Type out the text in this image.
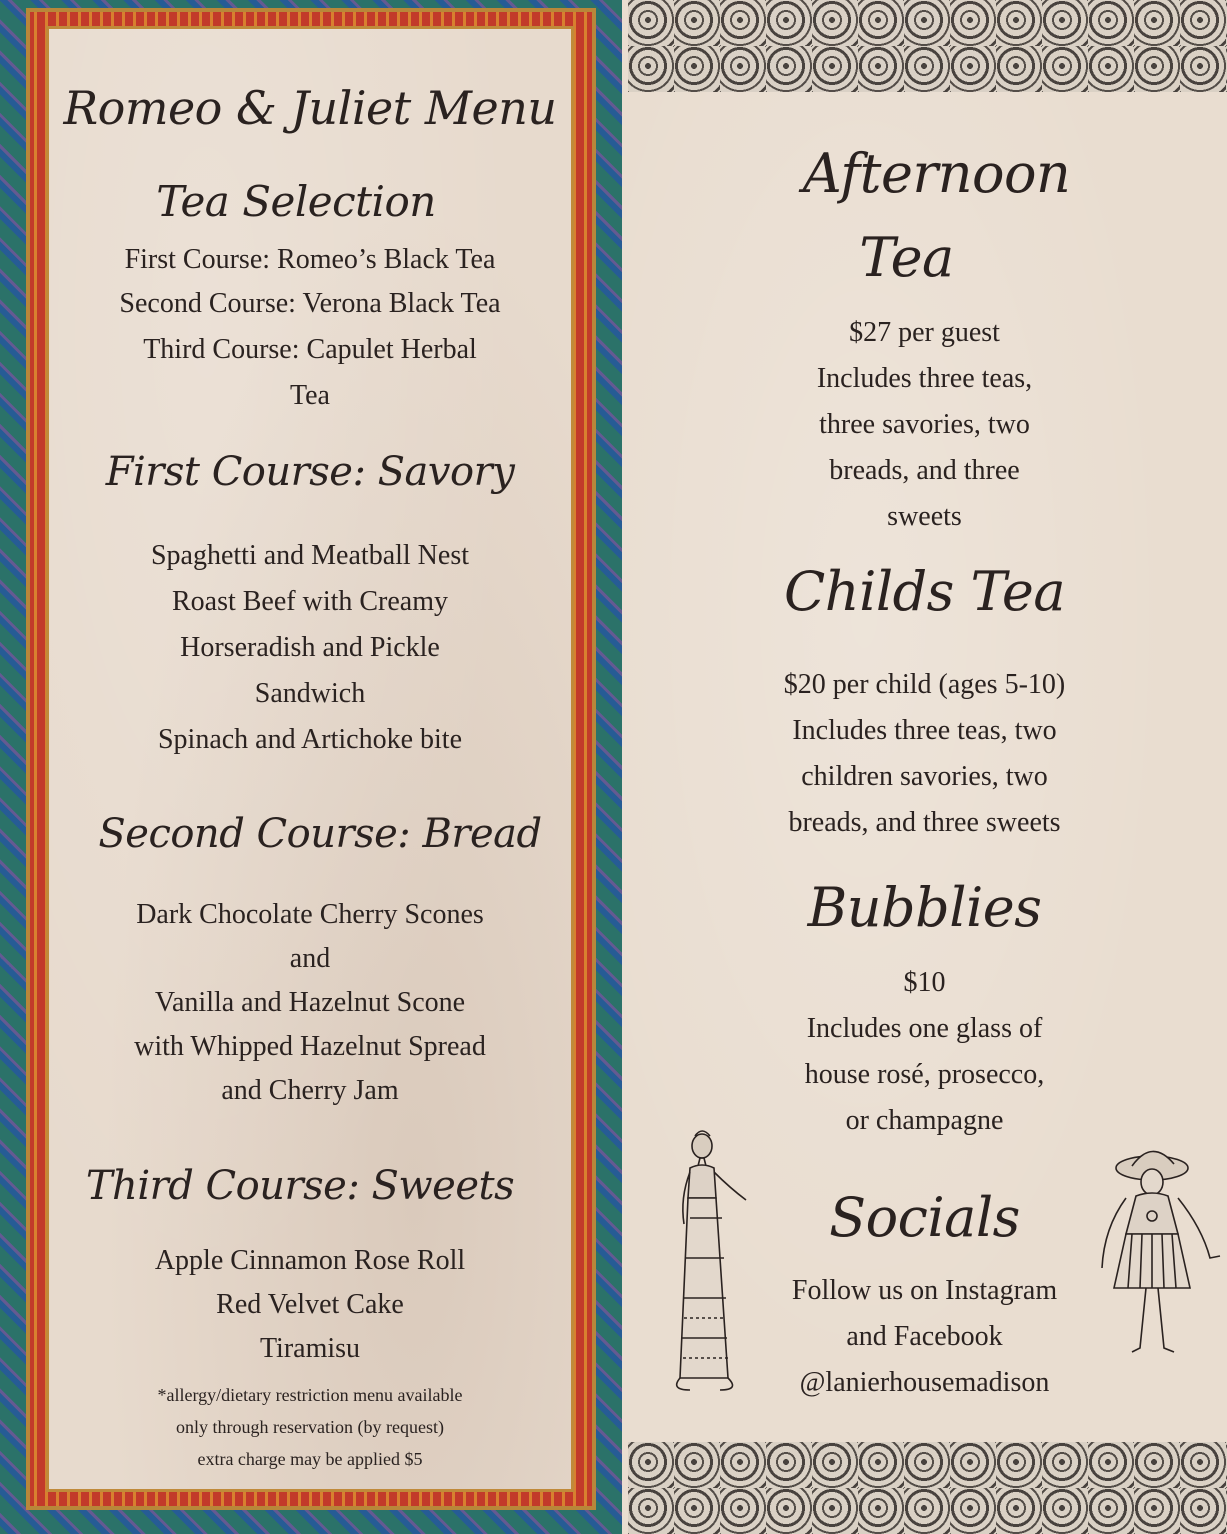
Romeo & Juliet Menu
Tea Selection
First Course: Romeo’s Black Tea
Second Course: Verona Black Tea
Third Course: Capulet Herbal
Tea
First Course: Savory
Spaghetti and Meatball Nest
Roast Beef with Creamy
Horseradish and Pickle
Sandwich
Spinach and Artichoke bite
Second Course: Bread
Dark Chocolate Cherry Scones
and
Vanilla and Hazelnut Scone
with Whipped Hazelnut Spread
and Cherry Jam
Third Course: Sweets
Apple Cinnamon Rose Roll
Red Velvet Cake
Tiramisu
*allergy/dietary restriction menu available
only through reservation (by request)
extra charge may be applied $5
Afternoon
Tea
$27 per guest
Includes three teas,
three savories, two
breads, and three
sweets
Childs Tea
$20 per child (ages 5-10)
Includes three teas, two
children savories, two
breads, and three sweets
Bubblies
$10
Includes one glass of
house rosé, prosecco,
or champagne
Socials
Follow us on Instagram
and Facebook
@lanierhousemadison
